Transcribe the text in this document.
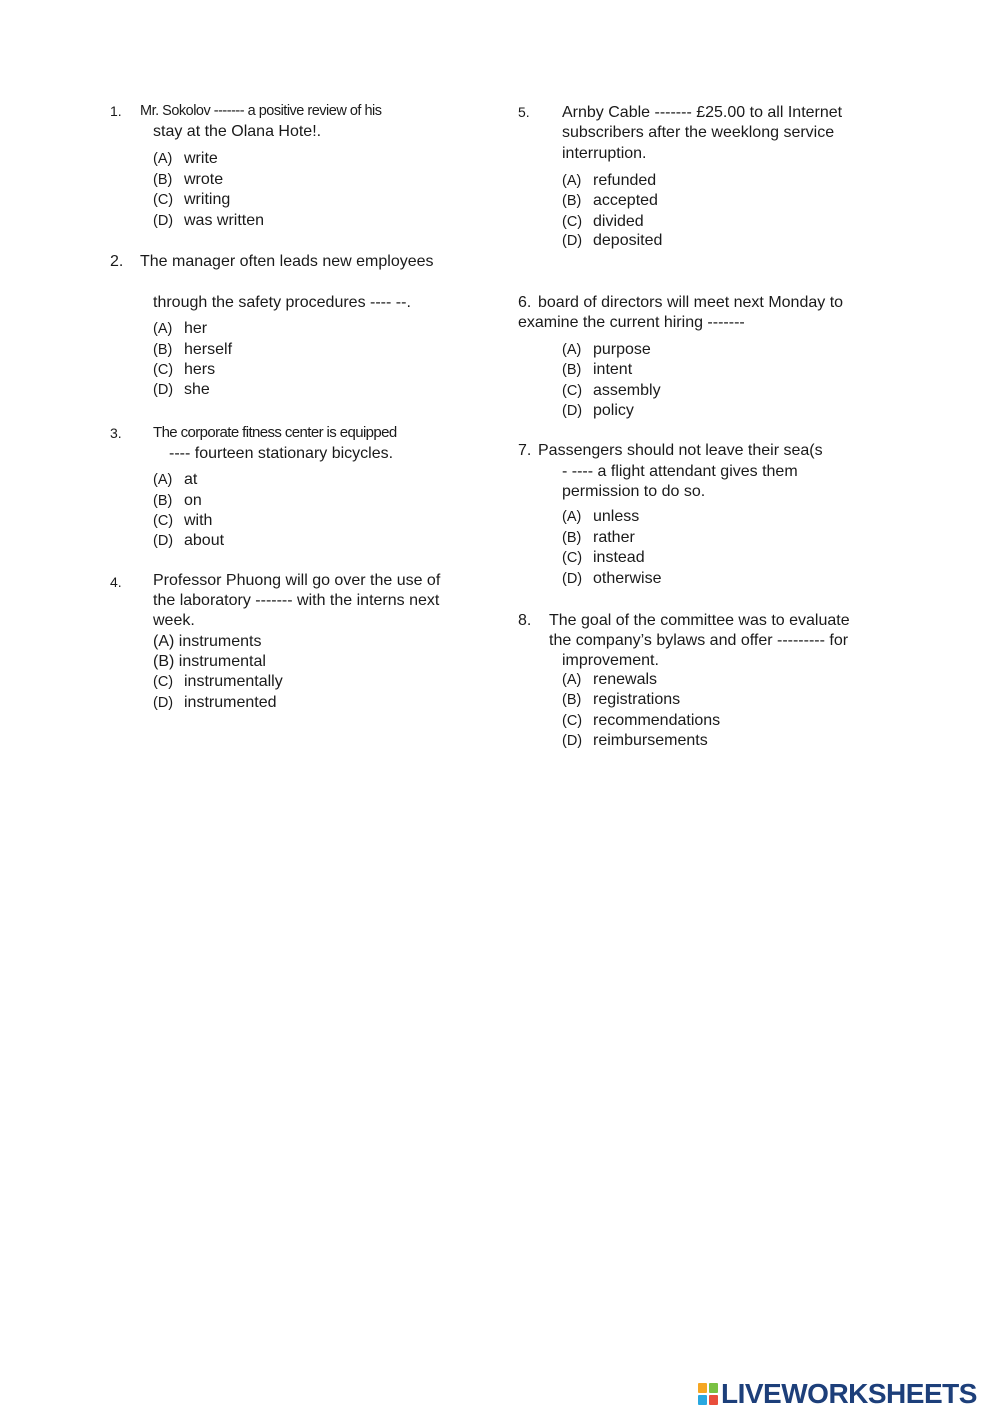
1. Mr. Sokolov ------- a positive review of his
stay at the Olana Hote!.
(A) write
(B) wrote
(C) writing
(D) was written
2. The manager often leads new employees
through the safety procedures ---- --.
(A) her
(B) herself
(C) hers
(D) she
3. The corporate fitness center is equipped
---- fourteen stationary bicycles.
(A) at
(B) on
(C) with
(D) about
4. Professor Phuong will go over the use of
the laboratory ------- with the interns next
week.
(A) instruments
(B) instrumental
(C) instrumentally
(D) instrumented
5. Arnby Cable ------- £25.00 to all Internet
subscribers after the weeklong service
interruption.
(A) refunded
(B) accepted
(C) divided
(D) deposited
6. board of directors will meet next Monday to
examine the current hiring -------
(A) purpose
(B) intent
(C) assembly
(D) policy
7. Passengers should not leave their sea(s
- ---- a flight attendant gives them
permission to do so.
(A) unless
(B) rather
(C) instead
(D) otherwise
8. The goal of the committee was to evaluate
the company’s bylaws and offer --------- for
improvement.
(A) renewals
(B) registrations
(C) recommendations
(D) reimbursements
LIVEWORKSHEETS
